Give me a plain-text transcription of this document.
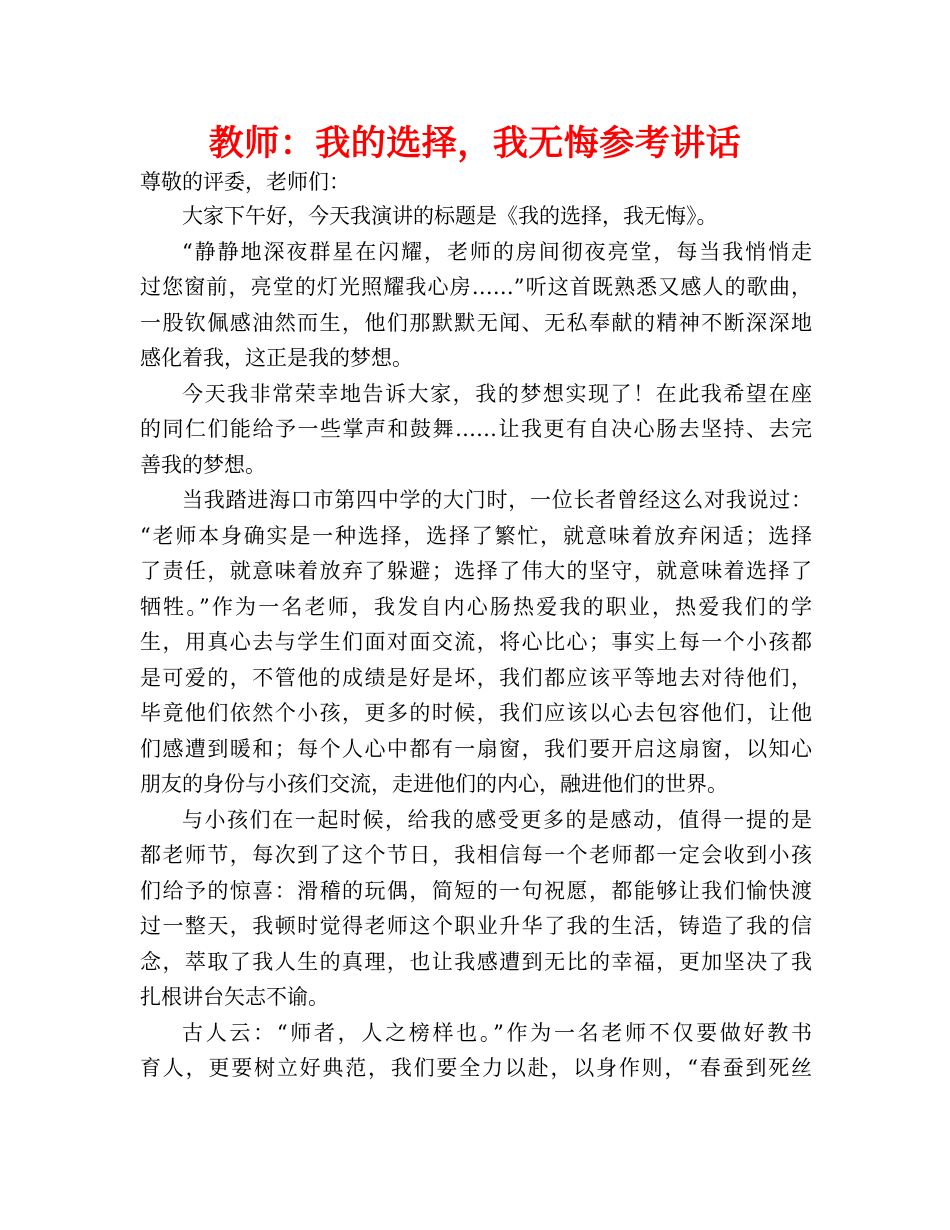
教师：我的选择，我无悔参考讲话
尊敬的评委，老师们：
大家下午好，今天我演讲的标题是《我的选择，我无悔》。
“静静地深夜群星在闪耀，老师的房间彻夜亮堂，每当我悄悄走
过您窗前，亮堂的灯光照耀我心房……”听这首既熟悉又感人的歌曲，
一股钦佩感油然而生，他们那默默无闻、无私奉献的精神不断深深地
感化着我，这正是我的梦想。
今天我非常荣幸地告诉大家，我的梦想实现了！在此我希望在座
的同仁们能给予一些掌声和鼓舞……让我更有自决心肠去坚持、去完
善我的梦想。
当我踏进海口市第四中学的大门时，一位长者曾经这么对我说过：
“老师本身确实是一种选择，选择了繁忙，就意味着放弃闲适；选择
了责任，就意味着放弃了躲避；选择了伟大的坚守，就意味着选择了
牺牲。”作为一名老师，我发自内心肠热爱我的职业，热爱我们的学
生，用真心去与学生们面对面交流，将心比心；事实上每一个小孩都
是可爱的，不管他的成绩是好是坏，我们都应该平等地去对待他们，
毕竟他们依然个小孩，更多的时候，我们应该以心去包容他们，让他
们感遭到暖和；每个人心中都有一扇窗，我们要开启这扇窗，以知心
朋友的身份与小孩们交流，走进他们的内心，融进他们的世界。
与小孩们在一起时候，给我的感受更多的是感动，值得一提的是
都老师节，每次到了这个节日，我相信每一个老师都一定会收到小孩
们给予的惊喜：滑稽的玩偶，简短的一句祝愿，都能够让我们愉快渡
过一整天，我顿时觉得老师这个职业升华了我的生活，铸造了我的信
念，萃取了我人生的真理，也让我感遭到无比的幸福，更加坚决了我
扎根讲台矢志不谕。
古人云：“师者，人之榜样也。”作为一名老师不仅要做好教书
育人，更要树立好典范，我们要全力以赴，以身作则，“春蚕到死丝
